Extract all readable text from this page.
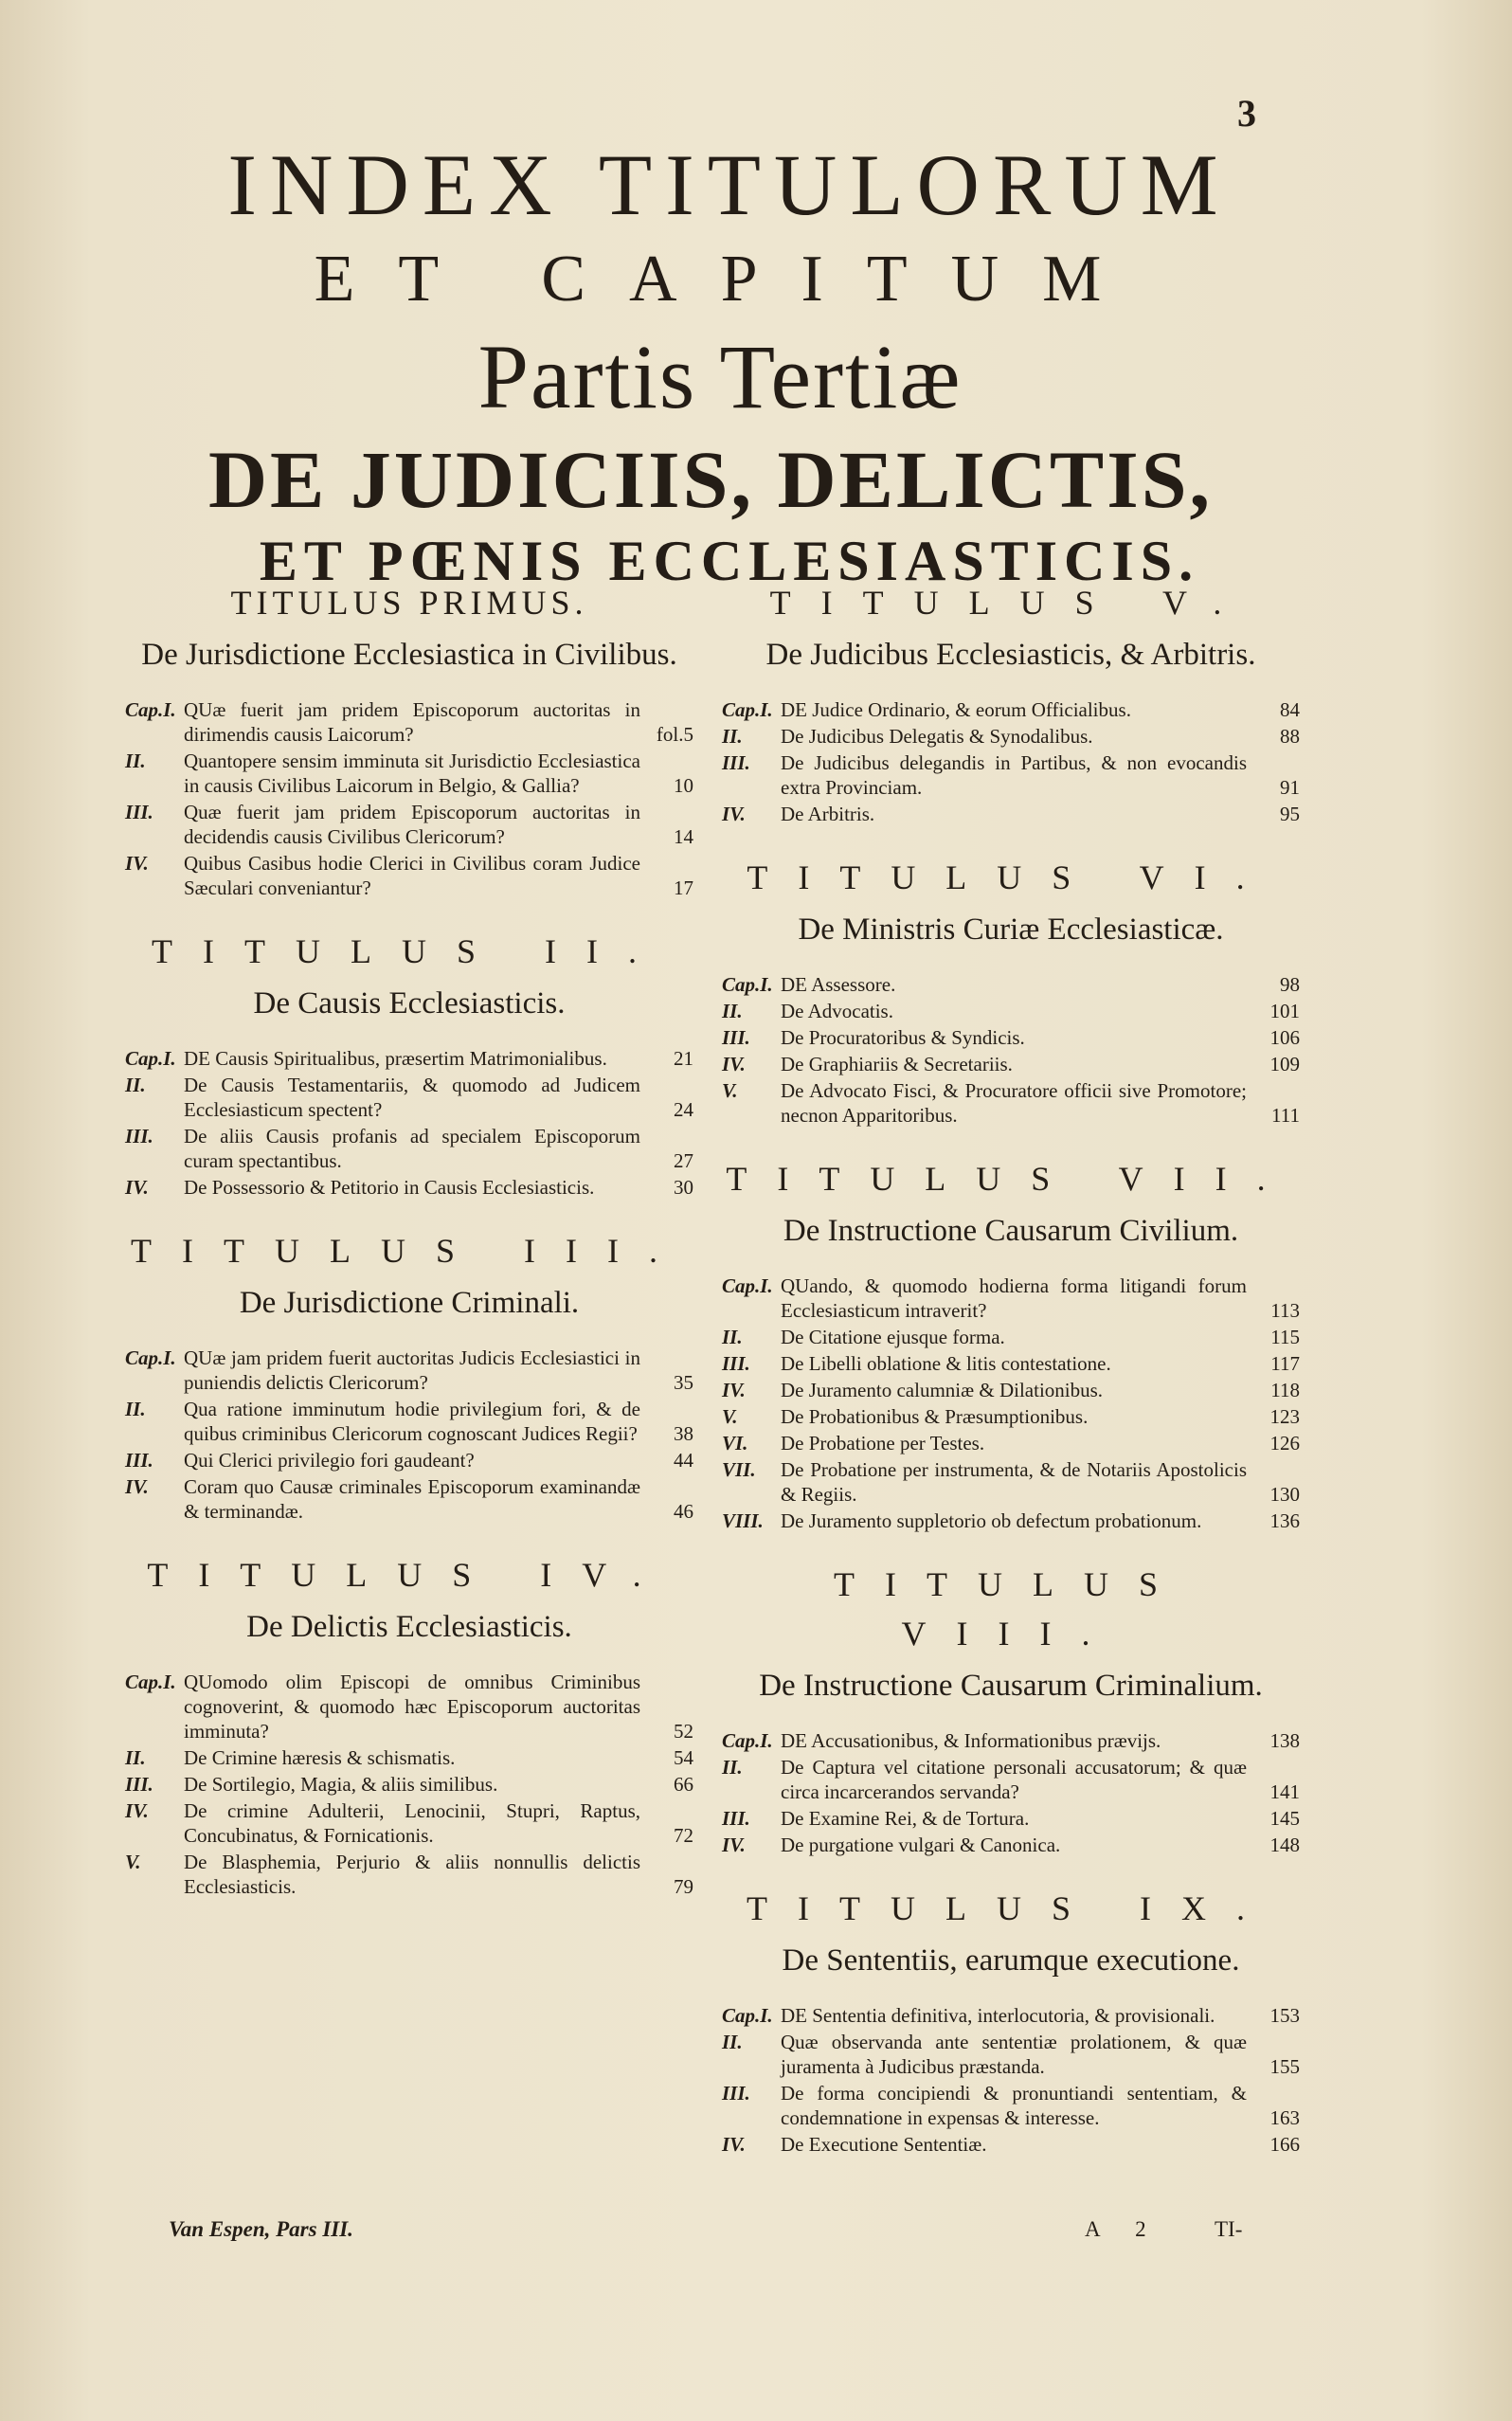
3
INDEX TITULORUM
ET CAPITUM
Partis Tertiæ
DE JUDICIIS, DELICTIS,
ET PŒNIS ECCLESIASTICIS.
TITULUS PRIMUS.
De Jurisdictione Ecclesiastica in Civilibus.
Cap.I. QUæ fuerit jam pridem Episcoporum auctoritas in dirimendis causis Laicorum?	fol.5
II. Quantopere sensim imminuta sit Jurisdictio Ecclesiastica in causis Civilibus Laicorum in Belgio, & Gallia?	10
III. Quæ fuerit jam pridem Episcoporum auctoritas in decidendis causis Civilibus Clericorum?	14
IV. Quibus Casibus hodie Clerici in Civilibus coram Judice Sæculari conveniantur?	17
TITULUS II.
De Causis Ecclesiasticis.
Cap.I. DE Causis Spiritualibus, præsertim Matrimonialibus.	21
II. De Causis Testamentariis, & quomodo ad Judicem Ecclesiasticum spectent?	24
III. De aliis Causis profanis ad specialem Episcoporum curam spectantibus.	27
IV. De Possessorio & Petitorio in Causis Ecclesiasticis.	30
TITULUS III.
De Jurisdictione Criminali.
Cap.I. QUæ jam pridem fuerit auctoritas Judicis Ecclesiastici in puniendis delictis Clericorum?	35
II. Qua ratione imminutum hodie privilegium fori, & de quibus criminibus Clericorum cognoscant Judices Regii? 38
III. Qui Clerici privilegio fori gaudeant?	44
IV. Coram quo Causæ criminales Episcoporum examinandæ & terminandæ.	46
TITULUS IV.
De Delictis Ecclesiasticis.
Cap.I. QUomodo olim Episcopi de omnibus Criminibus cognoverint, & quomodo hæc Episcoporum auctoritas imminuta?	52
II. De Crimine hæresis & schismatis.	54
III. De Sortilegio, Magia, & aliis similibus.	66
IV. De crimine Adulterii, Lenocinii, Stupri, Raptus, Concubinatus, & Fornicationis.	72
V. De Blasphemia, Perjurio & aliis nonnullis delictis Ecclesiasticis.	79
TITULUS V.
De Judicibus Ecclesiasticis, & Arbitris.
Cap.I. DE Judice Ordinario, & eorum Officialibus.	84
II. De Judicibus Delegatis & Synodalibus.	88
III. De Judicibus delegandis in Partibus, & non evocandis extra Provinciam.	91
IV. De Arbitris.	95
TITULUS VI.
De Ministris Curiæ Ecclesiasticæ.
Cap.I. DE Assessore.	98
II. De Advocatis.	101
III. De Procuratoribus & Syndicis.	106
IV. De Graphiariis & Secretariis.	109
V. De Advocato Fisci, & Procuratore officii sive Promotore; necnon Apparitoribus.	111
TITULUS VII.
De Instructione Causarum Civilium.
Cap.I. QUando, & quomodo hodierna forma litigandi forum Ecclesiasticum intraverit?	113
II. De Citatione ejusque forma.	115
III. De Libelli oblatione & litis contestatione.	117
IV. De Juramento calumniæ & Dilationibus.	118
V. De Probationibus & Præsumptionibus.	123
VI. De Probatione per Testes.	126
VII. De Probatione per instrumenta, & de Notariis Apostolicis & Regiis.	130
VIII. De Juramento suppletorio ob defectum probationum.	136
TITULUS VIII.
De Instructione Causarum Criminalium.
Cap.I. DE Accusationibus, & Informationibus prævijs.	138
II. De Captura vel citatione personali accusatorum; & quæ circa incarcerandos servanda?	141
III. De Examine Rei, & de Tortura.	145
IV. De purgatione vulgari & Canonica.	148
TITULUS IX.
De Sententiis, earumque executione.
Cap.I. DE Sententia definitiva, interlocutoria, & provisionali.	153
II. Quæ observanda ante sententiæ prolationem, & quæ juramenta à Judicibus præstanda.	155
III. De forma concipiendi & pronuntiandi sententiam, & condemnatione in expensas & interesse.	163
IV. De Executione Sententiæ.	166
Van Espen, Pars III.	A 2 TI-
